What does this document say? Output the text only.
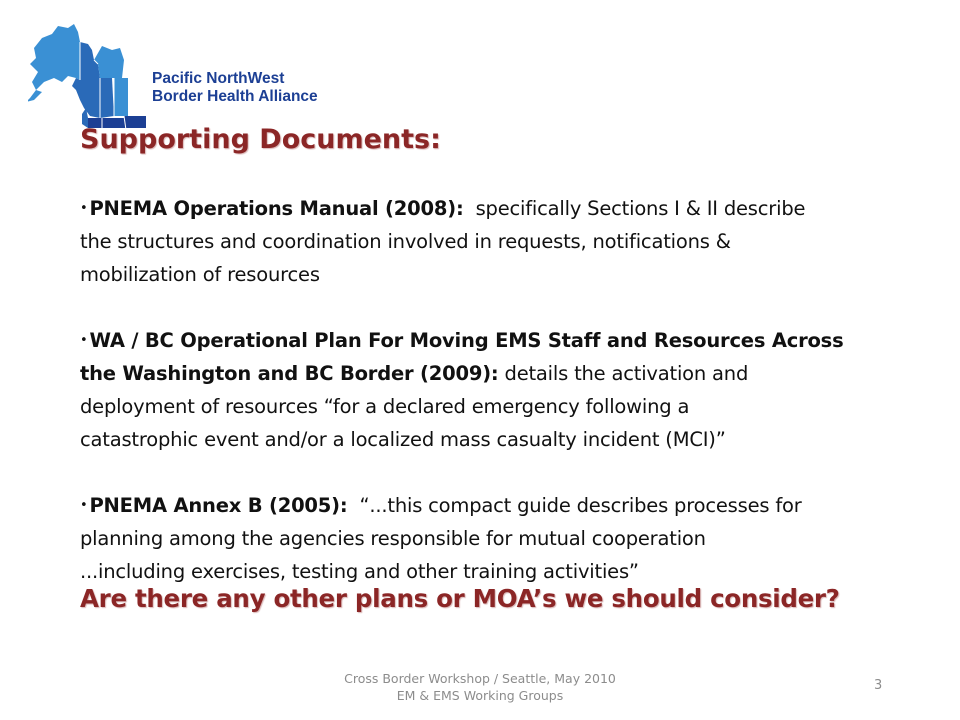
Pacific NorthWest
Border Health Alliance
Supporting Documents:

• PNEMA Operations Manual (2008): specifically Sections I & II describe
the structures and coordination involved in requests, notifications &
mobilization of resources

• WA / BC Operational Plan For Moving EMS Staff and Resources Across
the Washington and BC Border (2009): details the activation and
deployment of resources “for a declared emergency following a
catastrophic event and/or a localized mass casualty incident (MCI)”

• PNEMA Annex B (2005): “...this compact guide describes processes for
planning among the agencies responsible for mutual cooperation
...including exercises, testing and other training activities”

Are there any other plans or MOA’s we should consider?

Cross Border Workshop / Seattle, May 2010
EM & EMS Working Groups
3
